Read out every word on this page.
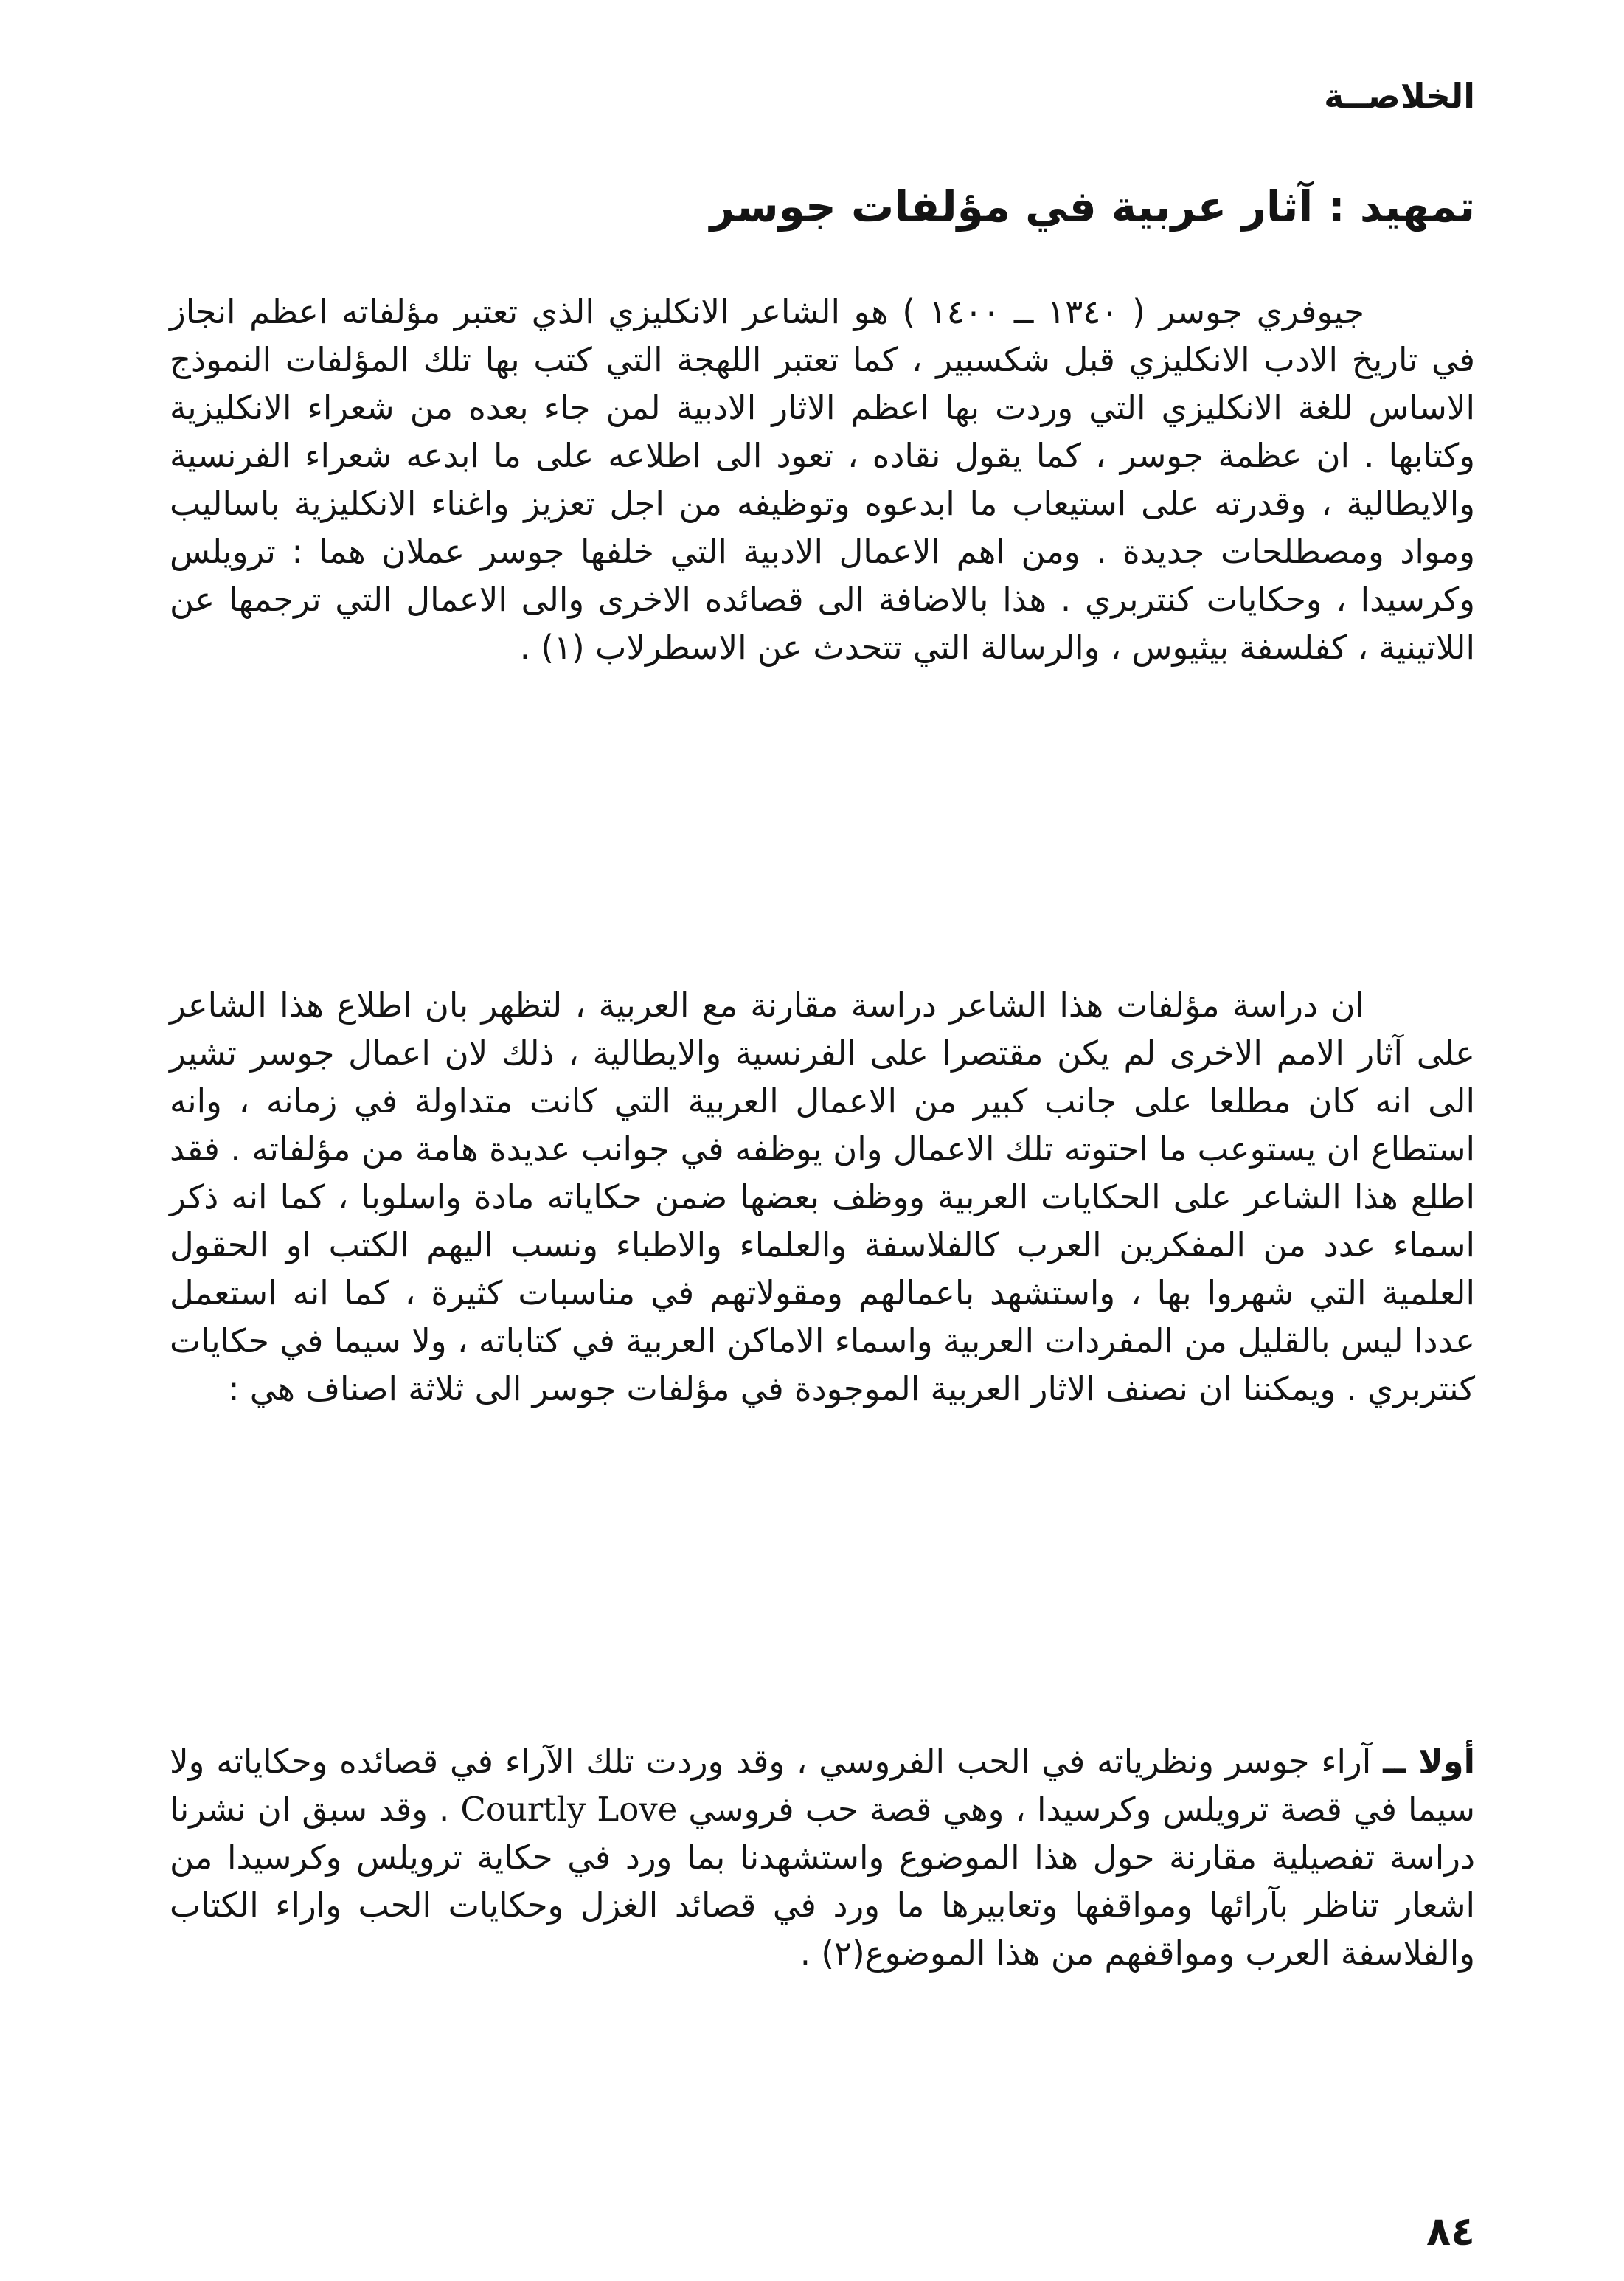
الخلاصــة
تمهيد : آثار عربية في مؤلفات جوسر

جيوفري جوسر ( ١٣٤٠ ــ ١٤٠٠ ) هو الشاعر الانكليزي الذي تعتبر مؤلفاته اعظم انجاز في تاريخ الادب الانكليزي قبل شكسبير ، كما تعتبر اللهجة التي كتب بها تلك المؤلفات النموذج الاساس للغة الانكليزي التي وردت بها اعظم الاثار الادبية لمن جاء بعده من شعراء الانكليزية وكتابها . ان عظمة جوسر ، كما يقول نقاده ، تعود الى اطلاعه على ما ابدعه شعراء الفرنسية والايطالية ، وقدرته على استيعاب ما ابدعوه وتوظيفه من اجل تعزيز واغناء الانكليزية باساليب ومواد ومصطلحات جديدة . ومن اهم الاعمال الادبية التي خلفها جوسر عملان هما : ترويلس وكرسيدا ، وحكايات كنتربري . هذا بالاضافة الى قصائده الاخرى والى الاعمال التي ترجمها عن اللاتينية ، كفلسفة بيثيوس ، والرسالة التي تتحدث عن الاسطرلاب (١) .

ان دراسة مؤلفات هذا الشاعر دراسة مقارنة مع العربية ، لتظهر بان اطلاع هذا الشاعر على آثار الامم الاخرى لم يكن مقتصرا على الفرنسية والايطالية ، ذلك لان اعمال جوسر تشير الى انه كان مطلعا على جانب كبير من الاعمال العربية التي كانت متداولة في زمانه ، وانه استطاع ان يستوعب ما احتوته تلك الاعمال وان يوظفه في جوانب عديدة هامة من مؤلفاته . فقد اطلع هذا الشاعر على الحكايات العربية ووظف بعضها ضمن حكاياته مادة واسلوبا ، كما انه ذكر اسماء عدد من المفكرين العرب كالفلاسفة والعلماء والاطباء ونسب اليهم الكتب او الحقول العلمية التي شهروا بها ، واستشهد باعمالهم ومقولاتهم في مناسبات كثيرة ، كما انه استعمل عددا ليس بالقليل من المفردات العربية واسماء الاماكن العربية في كتاباته ، ولا سيما في حكايات كنتربري . ويمكننا ان نصنف الاثار العربية الموجودة في مؤلفات جوسر الى ثلاثة اصناف هي :

أولا ــ آراء جوسر ونظرياته في الحب الفروسي ، وقد وردت تلك الآراء في قصائده وحكاياته ولا سيما في قصة ترويلس وكرسيدا ، وهي قصة حب فروسي Courtly Love . وقد سبق ان نشرنا دراسة تفصيلية مقارنة حول هذا الموضوع واستشهدنا بما ورد في حكاية ترويلس وكرسيدا من اشعار تناظر بآرائها ومواقفها وتعابيرها ما ورد في قصائد الغزل وحكايات الحب واراء الكتاب والفلاسفة العرب ومواقفهم من هذا الموضوع(٢) .

٨٤
